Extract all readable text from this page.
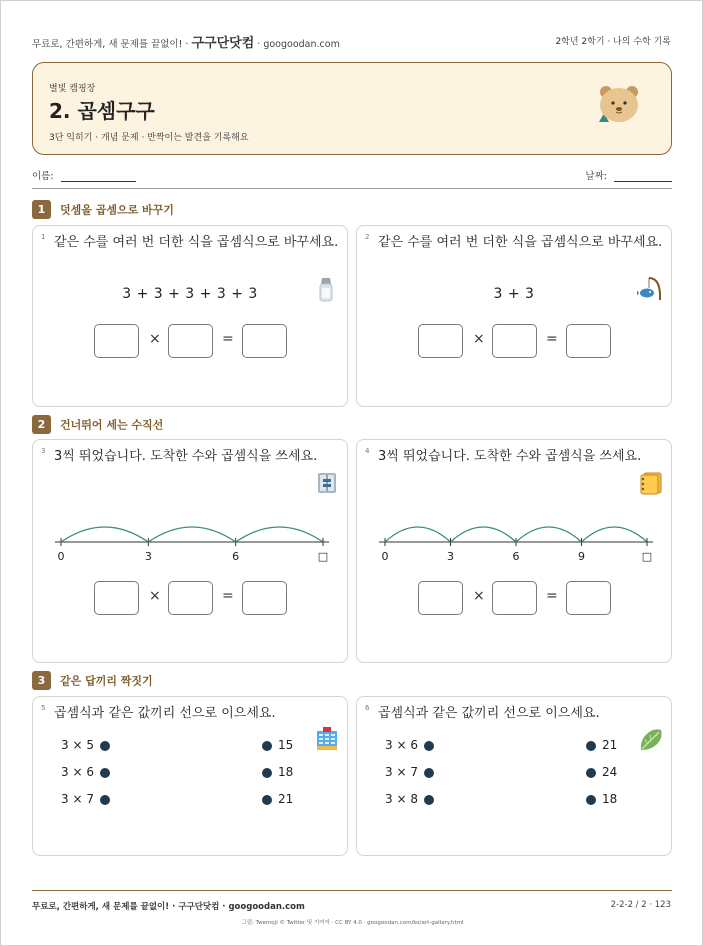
무료로, 간편하게, 새 문제를 끝없이! · 구구단닷컴 · googoodan.com	2학년 2학기 · 나의 수학 기록
별빛 캠핑장
2. 곱셈구구
3단 익히기 · 개념 문제 · 반짝이는 발견을 기록해요
이름:	날짜:
1 덧셈을 곱셈으로 바꾸기
1 같은 수를 여러 번 더한 식을 곱셈식으로 바꾸세요.
3 + 3 + 3 + 3 + 3
×	=
2 같은 수를 여러 번 더한 식을 곱셈식으로 바꾸세요.
3 + 3
×	=
2 건너뛰어 세는 수직선
3 3씩 뛰었습니다. 도착한 수와 곱셈식을 쓰세요.
0	3	6	□
×	=
4 3씩 뛰었습니다. 도착한 수와 곱셈식을 쓰세요.
0	3	6	9	□
×	=
3 같은 답끼리 짝짓기
5 곱셈식과 같은 값끼리 선으로 이으세요.
3 × 5	15
3 × 6	18
3 × 7	21
6 곱셈식과 같은 값끼리 선으로 이으세요.
3 × 6	21
3 × 7	24
3 × 8	18
무료로, 간편하게, 새 문제를 끝없이! · 구구단닷컴 · googoodan.com	2-2-2 / 2 · 123
그림: Twemoji © Twitter 및 기여자 · CC BY 4.0 · googoodan.com/ko/art-gallery.html
